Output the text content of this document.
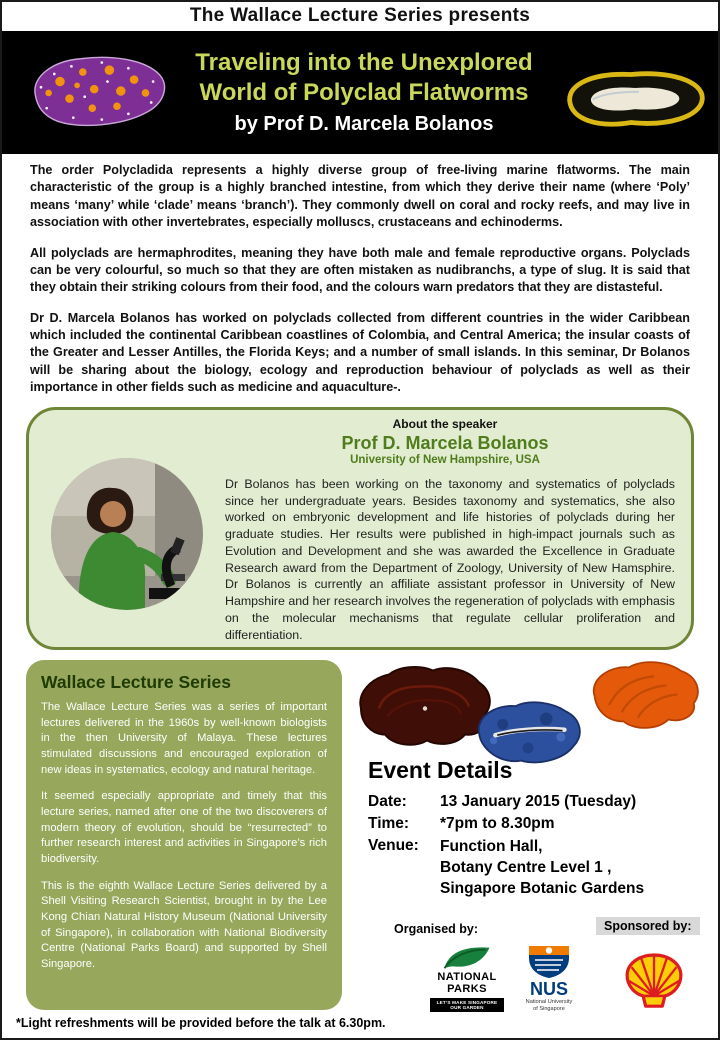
The Wallace Lecture Series presents
Traveling into the Unexplored
World of Polyclad Flatworms
by Prof D. Marcela Bolanos

The order Polycladida represents a highly diverse group of free-living marine flatworms. The main characteristic of the group is a highly branched intestine, from which they derive their name (where ‘Poly’ means ‘many’ while ‘clade’ means ‘branch’). They commonly dwell on coral and rocky reefs, and may live in association with other invertebrates, especially molluscs, crustaceans and echinoderms.

All polyclads are hermaphrodites, meaning they have both male and female reproductive organs. Polyclads can be very colourful, so much so that they are often mistaken as nudibranchs, a type of slug. It is said that they obtain their striking colours from their food, and the colours warn predators that they are distasteful.

Dr D. Marcela Bolanos has worked on polyclads collected from different countries in the wider Caribbean which included the continental Caribbean coastlines of Colombia, and Central America; the insular coasts of the Greater and Lesser Antilles, the Florida Keys; and a number of small islands. In this seminar, Dr Bolanos will be sharing about the biology, ecology and reproduction behaviour of polyclads as well as their importance in other fields such as medicine and aquaculture-.

About the speaker
Prof D. Marcela Bolanos
University of New Hampshire, USA

Dr Bolanos has been working on the taxonomy and systematics of polyclads since her undergraduate years. Besides taxonomy and systematics, she also worked on embryonic development and life histories of polyclads during her graduate studies. Her results were published in high-impact journals such as Evolution and Development and she was awarded the Excellence in Graduate Research award from the Department of Zoology, University of New Hamsphire. Dr Bolanos is currently an affiliate assistant professor in University of New Hampshire and her research involves the regeneration of polyclads with emphasis on the molecular mechanisms that regulate cellular proliferation and differentiation.

Wallace Lecture Series

The Wallace Lecture Series was a series of important lectures delivered in the 1960s by well-known biologists in the then University of Malaya. These lectures stimulated discussions and encouraged exploration of new ideas in systematics, ecology and natural heritage.

It seemed especially appropriate and timely that this lecture series, named after one of the two discoverers of modern theory of evolution, should be “resurrected” to further research interest and activities in Singapore’s rich biodiversity.

This is the eighth Wallace Lecture Series delivered by a Shell Visiting Research Scientist, brought in by the Lee Kong Chian Natural History Museum (National University of Singapore), in collaboration with National Biodiversity Centre (National Parks Board) and supported by Shell Singapore.

Event Details
Date:	13 January 2015 (Tuesday)
Time:	*7pm to 8.30pm
Venue:	Function Hall,
Botany Centre Level 1 ,
Singapore Botanic Gardens
Organised by:	Sponsored by:
NATIONAL
PARKS
LET’S MAKE SINGAPORE OUR GARDEN
NUS
National University
of Singapore
*Light refreshments will be provided before the talk at 6.30pm.
